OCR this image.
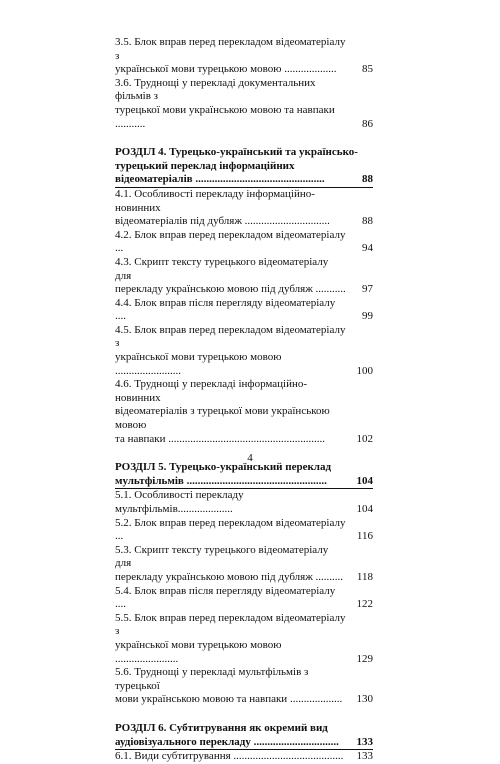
3.5. Блок вправ перед перекладом відеоматеріалу з
української мови турецькою мовою ...................	85
3.6. Труднощі у перекладі документальних фільмів з
турецької мови українською мовою та навпаки ...........	86
РОЗДІЛ 4. Турецько-український та українсько-
турецький переклад інформаційних
відеоматеріалів ...............................................	88
4.1. Особливості перекладу інформаційно-новинних
відеоматеріалів під дубляж ...............................	88
4.2. Блок вправ перед перекладом відеоматеріалу ...	94
4.3. Скрипт тексту турецького відеоматеріалу для
перекладу українською мовою під дубляж ...........	97
4.4. Блок вправ після перегляду відеоматеріалу ....	99
4.5. Блок вправ перед перекладом відеоматеріалу з
української мови турецькою мовою ........................	100
4.6. Труднощі у перекладі інформаційно-новинних
відеоматеріалів з турецької мови українською мовою
та навпаки .........................................................	102
РОЗДІЛ 5. Турецько-український переклад
мультфільмів ...................................................	104
5.1. Особливості перекладу мультфільмів....................	104
5.2. Блок вправ перед перекладом відеоматеріалу ...	116
5.3. Скрипт тексту турецького відеоматеріалу для
перекладу українською мовою під дубляж ..........	118
5.4. Блок вправ після перегляду відеоматеріалу ....	122
5.5. Блок вправ перед перекладом відеоматеріалу з
української мови турецькою мовою .......................	129
5.6. Труднощі у перекладі мультфільмів з турецької
мови українською мовою та навпаки ...................	130
РОЗДІЛ 6. Субтитрування як окремий вид
аудіовізуального перекладу ...............................	133
6.1. Види субтитрування ........................................	133
4
